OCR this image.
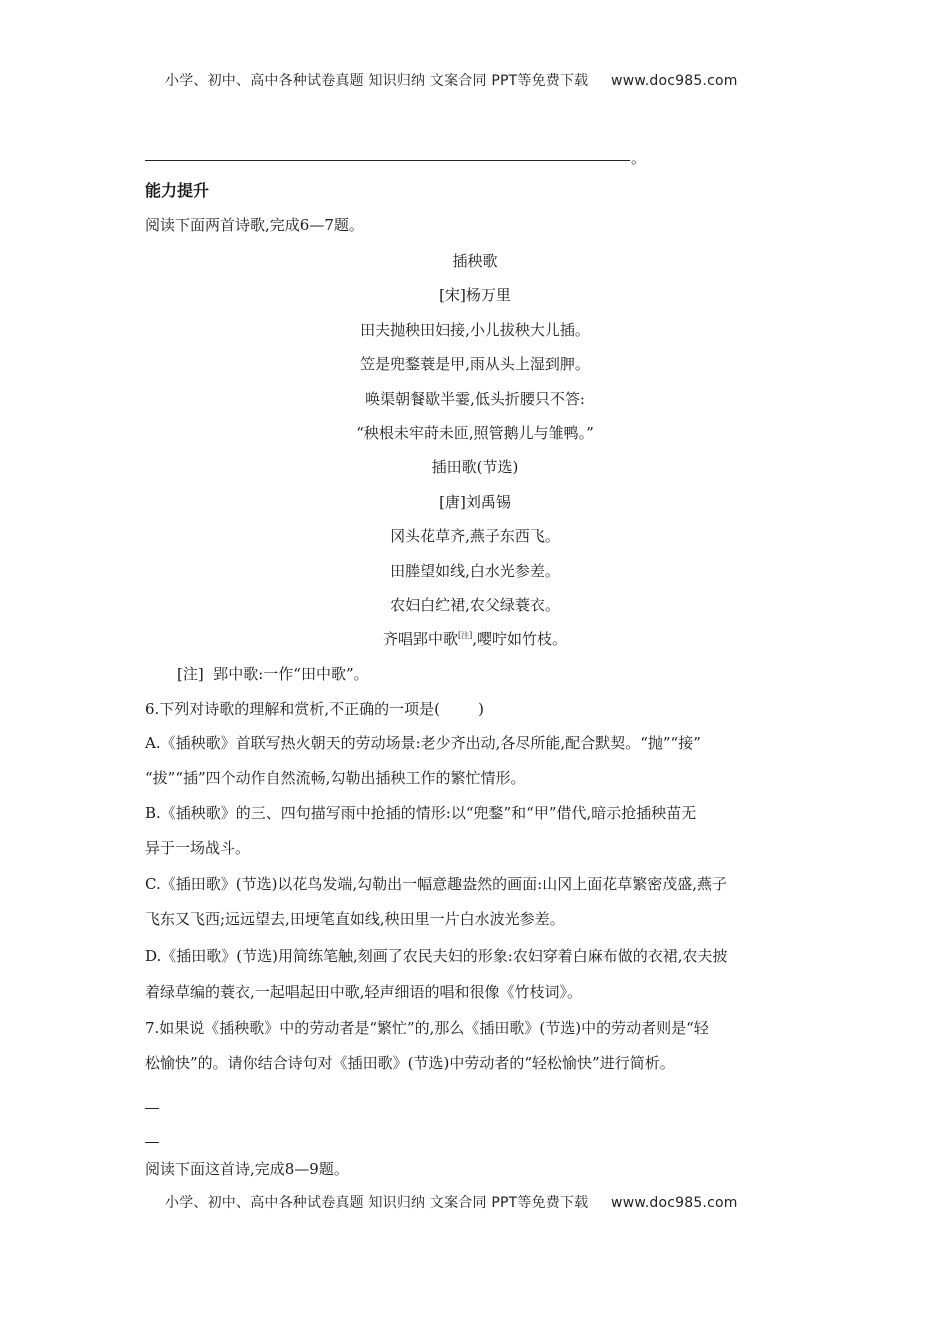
小学、初中、高中各种试卷真题 知识归纳 文案合同 PPT等免费下载 www.doc985.com
。
能力提升
阅读下面两首诗歌,完成6—7题。
插秧歌
[宋]杨万里
田夫抛秧田妇接,小儿拔秧大儿插。
笠是兜鍪蓑是甲,雨从头上湿到胛。
唤渠朝餐歇半霎,低头折腰只不答:
“秧根未牢莳未匝,照管鹅儿与雏鸭。”
插田歌(节选)
[唐]刘禹锡
冈头花草齐,燕子东西飞。
田塍望如线,白水光参差。
农妇白纻裙,农父绿蓑衣。
齐唱郢中歌[注],嘤咛如竹枝。
[注]  郢中歌:一作“田中歌”。
6.下列对诗歌的理解和赏析,不正确的一项是(        )
A.《插秧歌》首联写热火朝天的劳动场景:老少齐出动,各尽所能,配合默契。“抛”“接”
“拔”“插”四个动作自然流畅,勾勒出插秧工作的繁忙情形。
B.《插秧歌》的三、四句描写雨中抢插的情形:以“兜鍪”和“甲”借代,暗示抢插秧苗无
异于一场战斗。
C.《插田歌》(节选)以花鸟发端,勾勒出一幅意趣盎然的画面:山冈上面花草繁密茂盛,燕子
飞东又飞西;远远望去,田埂笔直如线,秧田里一片白水波光参差。
D.《插田歌》(节选)用简练笔触,刻画了农民夫妇的形象:农妇穿着白麻布做的衣裙,农夫披
着绿草编的蓑衣,一起唱起田中歌,轻声细语的唱和很像《竹枝词》。
7.如果说《插秧歌》中的劳动者是“繁忙”的,那么《插田歌》(节选)中的劳动者则是“轻
松愉快”的。请你结合诗句对《插田歌》(节选)中劳动者的“轻松愉快”进行简析。
阅读下面这首诗,完成8—9题。
小学、初中、高中各种试卷真题 知识归纳 文案合同 PPT等免费下载 www.doc985.com
